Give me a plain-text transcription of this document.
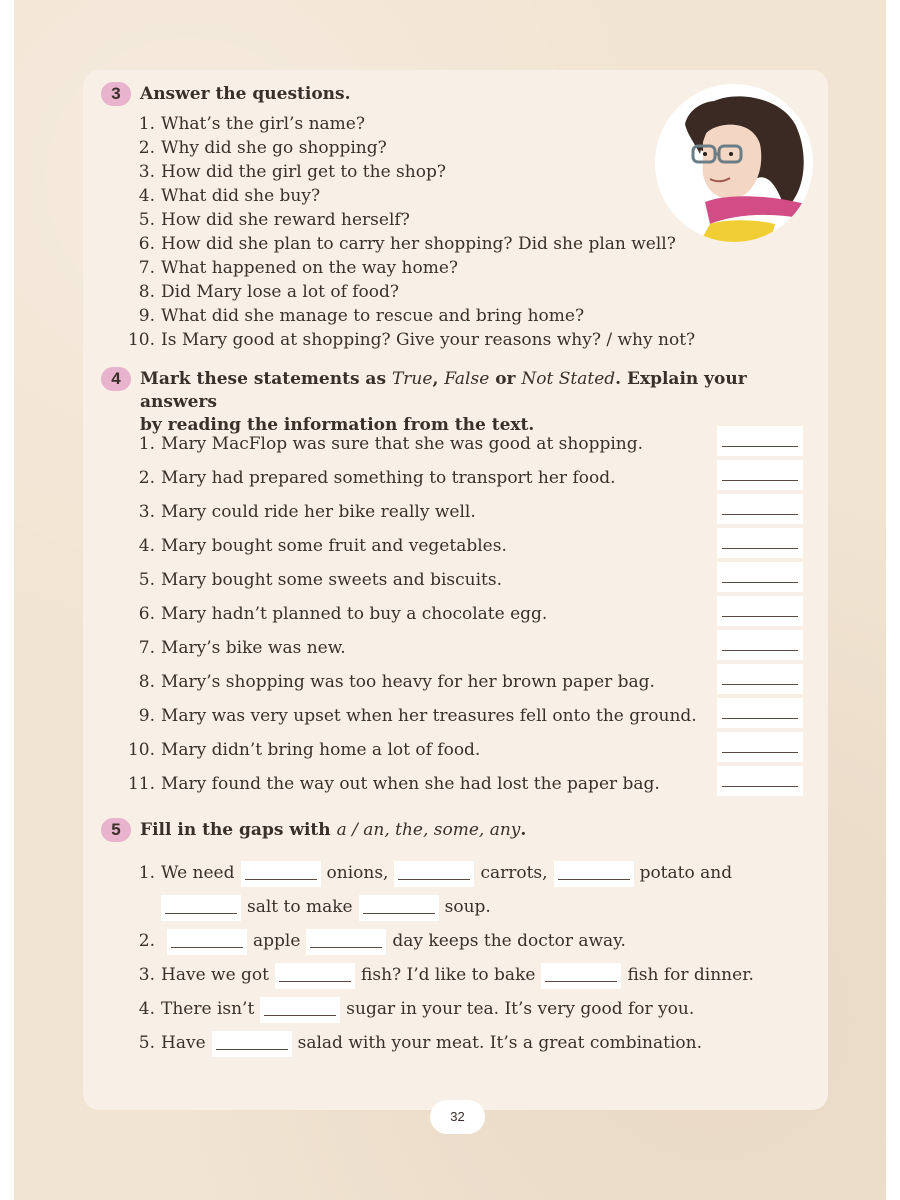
3	Answer the questions.
1. What’s the girl’s name?
2. Why did she go shopping?
3. How did the girl get to the shop?
4. What did she buy?
5. How did she reward herself?
6. How did she plan to carry her shopping? Did she plan well?
7. What happened on the way home?
8. Did Mary lose a lot of food?
9. What did she manage to rescue and bring home?
10. Is Mary good at shopping? Give your reasons why? / why not?
4	Mark these statements as True, False or Not Stated. Explain your answers
by reading the information from the text.
1. Mary MacFlop was sure that she was good at shopping.
2. Mary had prepared something to transport her food.
3. Mary could ride her bike really well.
4. Mary bought some fruit and vegetables.
5. Mary bought some sweets and biscuits.
6. Mary hadn’t planned to buy a chocolate egg.
7. Mary’s bike was new.
8. Mary’s shopping was too heavy for her brown paper bag.
9. Mary was very upset when her treasures fell onto the ground.
10. Mary didn’t bring home a lot of food.
11. Mary found the way out when she had lost the paper bag.
5	Fill in the gaps with a / an, the, some, any.
1. We need	onions,	carrots,	potato and
salt to make	soup.
2.	apple	day keeps the doctor away.
3. Have we got	fish? I’d like to bake	fish for dinner.
4. There isn’t	sugar in your tea. It’s very good for you.
5. Have	salad with your meat. It’s a great combination.
32
